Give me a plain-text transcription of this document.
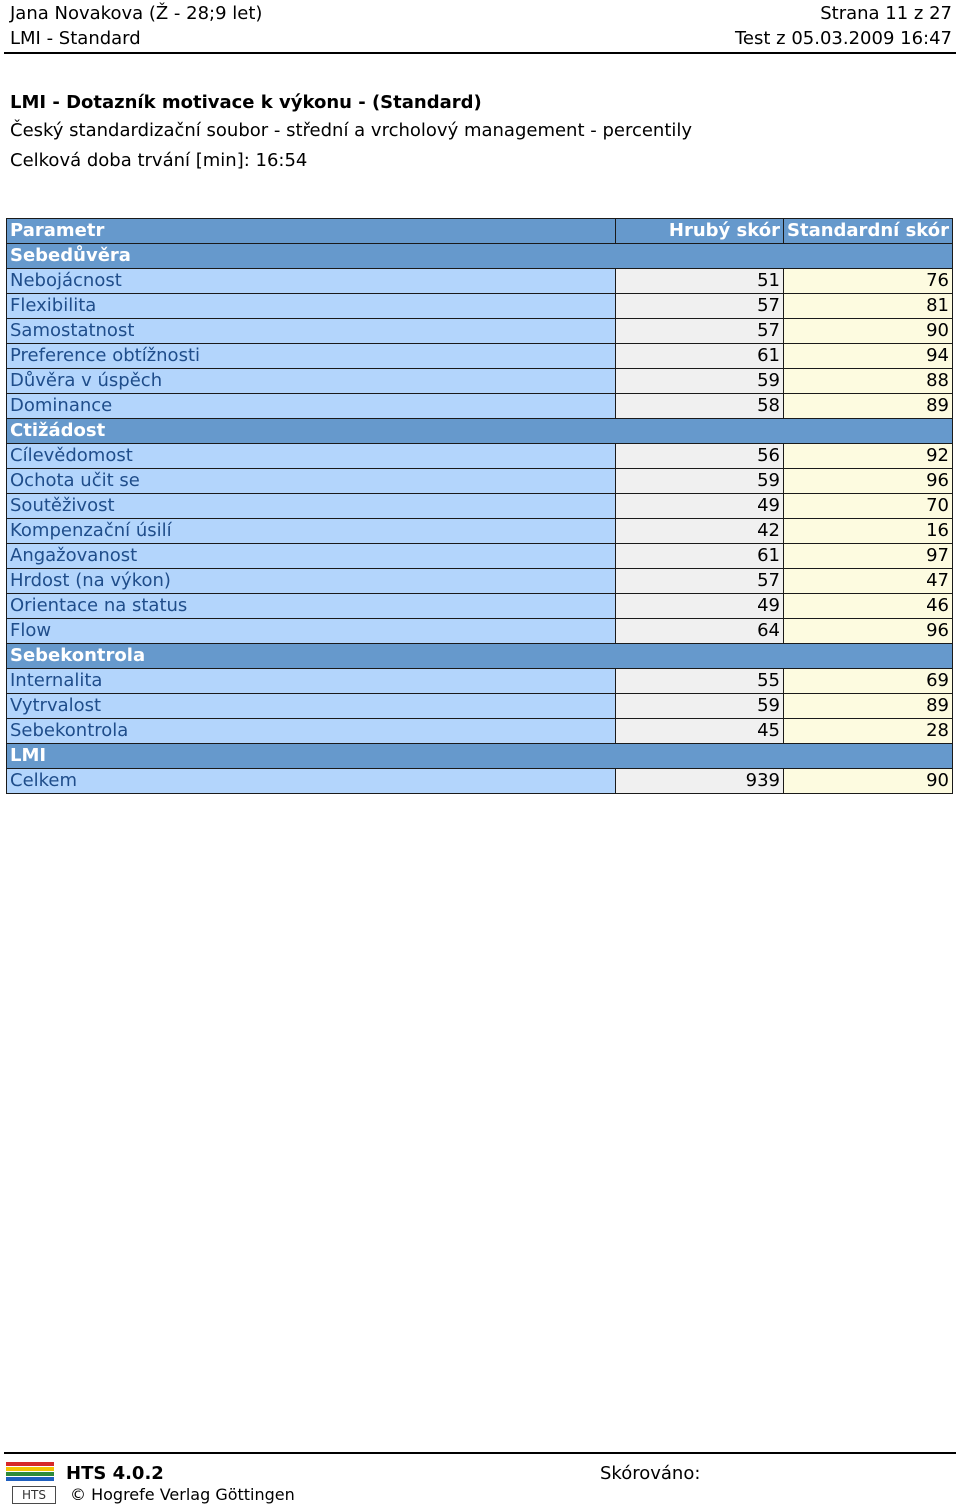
Jana Novakova (Ž - 28;9 let)	Strana 11 z 27
LMI - Standard	Test z 05.03.2009 16:47
LMI - Dotazník motivace k výkonu - (Standard)
Český standardizační soubor - střední a vrcholový management - percentily
Celková doba trvání [min]: 16:54
Parametr	Hrubý skór	Standardní skór
Sebedůvěra		
Nebojácnost	51	76
Flexibilita	57	81
Samostatnost	57	90
Preference obtížnosti	61	94
Důvěra v úspěch	59	88
Dominance	58	89
Ctižádost		
Cílevědomost	56	92
Ochota učit se	59	96
Soutěživost	49	70
Kompenzační úsilí	42	16
Angažovanost	61	97
Hrdost (na výkon)	57	47
Orientace na status	49	46
Flow	64	96
Sebekontrola		
Internalita	55	69
Vytrvalost	59	89
Sebekontrola	45	28
LMI		
Celkem	939	90
HTS
HTS 4.0.2
© Hogrefe Verlag Göttingen
Skórováno:
